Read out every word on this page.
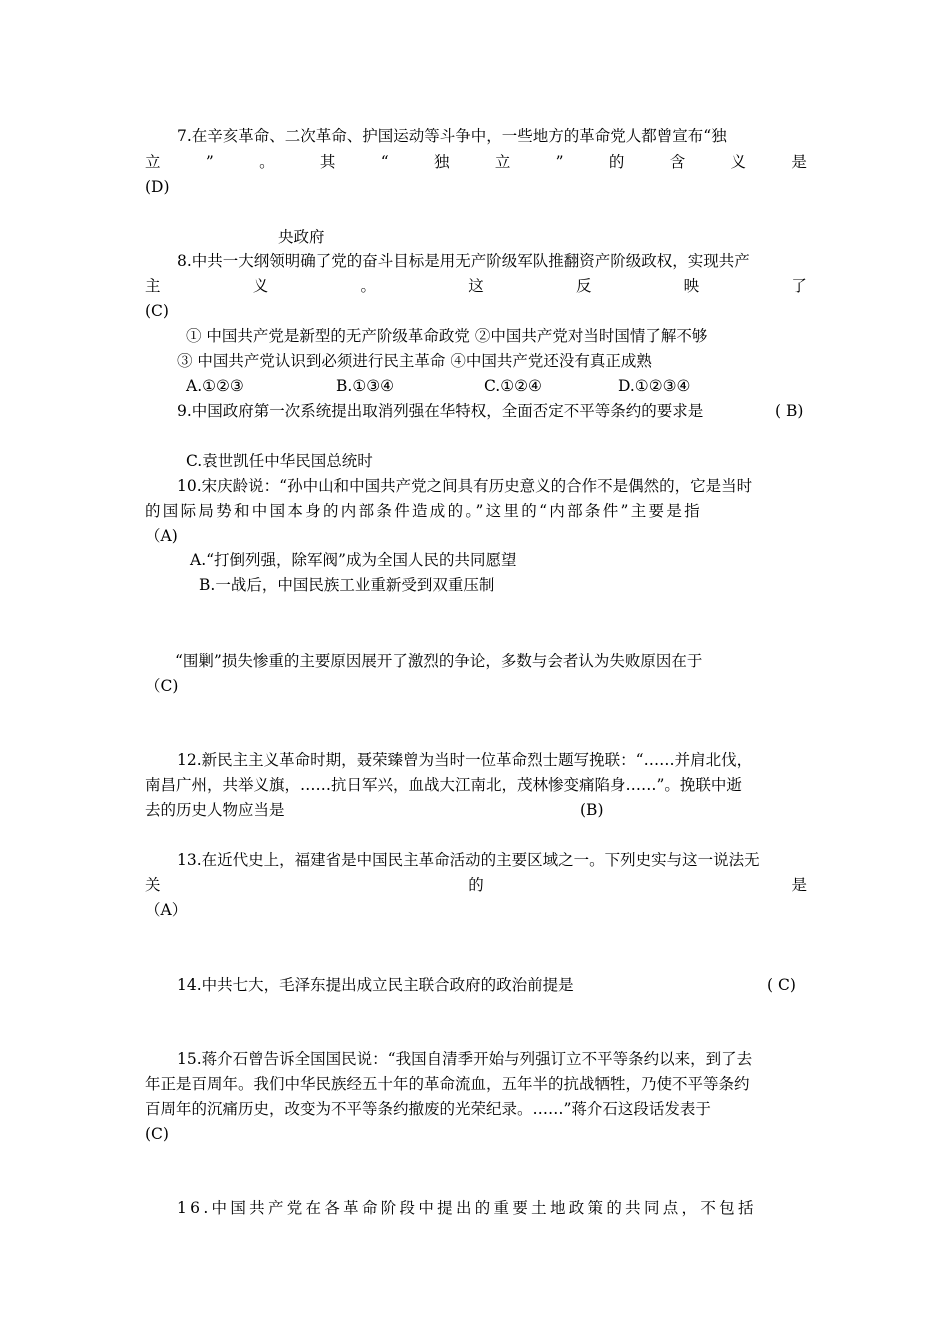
7.在辛亥革命、二次革命、护国运动等斗争中，一些地方的革命党人都曾宣布“独
立	”	。	其	“	独	立	”	的	含	义	是
(D)
央政府
8.中共一大纲领明确了党的奋斗目标是用无产阶级军队推翻资产阶级政权，实现共产
主	义	。	这	反	映	了
(C)
① 中国共产党是新型的无产阶级革命政党 ②中国共产党对当时国情了解不够
③ 中国共产党认识到必须进行民主革命 ④中国共产党还没有真正成熟
A.①②③	B.①③④	C.①②④	D.①②③④
9.中国政府第一次系统提出取消列强在华特权，全面否定不平等条约的要求是	( B)
C.袁世凯任中华民国总统时
10.宋庆龄说：“孙中山和中国共产党之间具有历史意义的合作不是偶然的，它是当时
的国际局势和中国本身的内部条件造成的。”这里的“内部条件”主要是指
（A)
A.“打倒列强，除军阀”成为全国人民的共同愿望
B.一战后，中国民族工业重新受到双重压制
“围剿”损失惨重的主要原因展开了激烈的争论，多数与会者认为失败原因在于
（C)
12.新民主主义革命时期，聂荣臻曾为当时一位革命烈士题写挽联：“……并肩北伐，
南昌广州，共举义旗，……抗日军兴，血战大江南北，茂林惨变痛陷身……”。挽联中逝
去的历史人物应当是	(B)
13.在近代史上，福建省是中国民主革命活动的主要区域之一。下列史实与这一说法无
关	的	是
（A）
14.中共七大，毛泽东提出成立民主联合政府的政治前提是	( C)
15.蒋介石曾告诉全国国民说：“我国自清季开始与列强订立不平等条约以来，到了去
年正是百周年。我们中华民族经五十年的革命流血，五年半的抗战牺牲，乃使不平等条约
百周年的沉痛历史，改变为不平等条约撤废的光荣纪录。……”蒋介石这段话发表于
(C)
16.中国共产党在各革命阶段中提出的重要土地政策的共同点，不包括
